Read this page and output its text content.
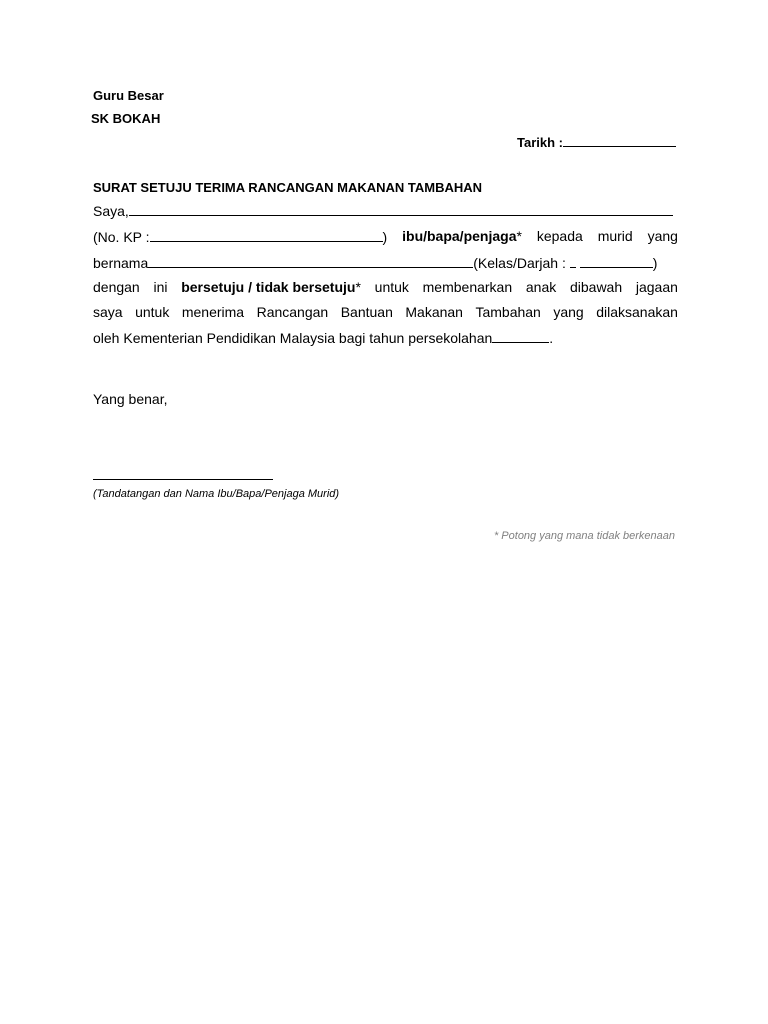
Guru Besar
SK BOKAH
Tarikh :
SURAT SETUJU TERIMA RANCANGAN MAKANAN TAMBAHAN
Saya,
(No. KP :	) ibu/bapa/penjaga* kepada murid yang
bernama	(Kelas/Darjah :	)
dengan ini bersetuju / tidak bersetuju* untuk membenarkan anak dibawah jagaan
saya untuk menerima Rancangan Bantuan Makanan Tambahan yang dilaksanakan
oleh Kementerian Pendidikan Malaysia bagi tahun persekolahan	.
Yang benar,
(Tandatangan dan Nama Ibu/Bapa/Penjaga Murid)
* Potong yang mana tidak berkenaan
